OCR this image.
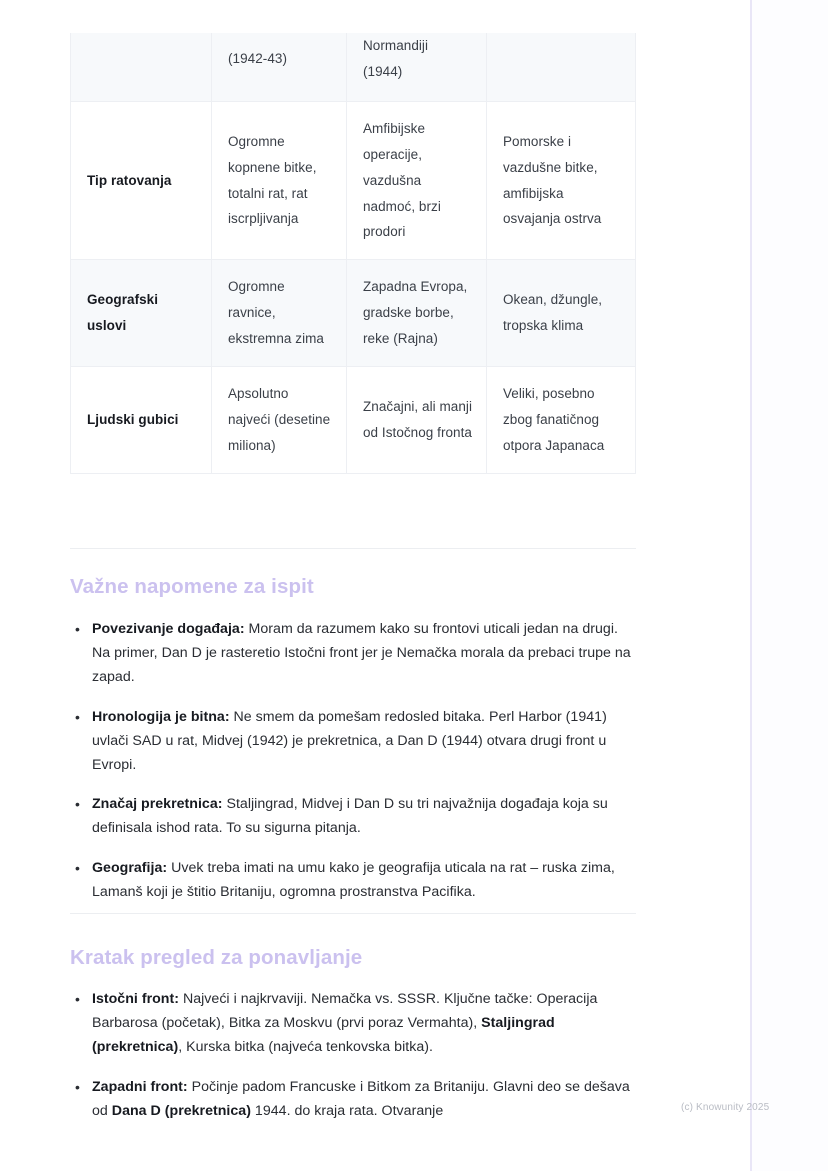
	(1942-43)	Normandiji
(1944)	
Tip ratovanja	Ogromne kopnene bitke, totalni rat, rat iscrpljivanja	Amfibijske operacije, vazdušna nadmoć, brzi prodori	Pomorske i vazdušne bitke, amfibijska osvajanja ostrva
Geografski uslovi	Ogromne ravnice, ekstremna zima	Zapadna Evropa, gradske borbe, reke (Rajna)	Okean, džungle, tropska klima
Ljudski gubici	Apsolutno najveći (desetine miliona)	Značajni, ali manji od Istočnog fronta	Veliki, posebno zbog fanatičnog otpora Japanaca
Važne napomene za ispit
• Povezivanje događaja: Moram da razumem kako su frontovi uticali jedan na drugi. Na primer, Dan D je rasteretio Istočni front jer je Nemačka morala da prebaci trupe na zapad.
• Hronologija je bitna: Ne smem da pomešam redosled bitaka. Perl Harbor (1941) uvlači SAD u rat, Midvej (1942) je prekretnica, a Dan D (1944) otvara drugi front u Evropi.
• Značaj prekretnica: Staljingrad, Midvej i Dan D su tri najvažnija događaja koja su definisala ishod rata. To su sigurna pitanja.
• Geografija: Uvek treba imati na umu kako je geografija uticala na rat – ruska zima, Lamanš koji je štitio Britaniju, ogromna prostranstva Pacifika.
Kratak pregled za ponavljanje
• Istočni front: Najveći i najkrvaviji. Nemačka vs. SSSR. Ključne tačke: Operacija Barbarosa (početak), Bitka za Moskvu (prvi poraz Vermahta), Staljingrad (prekretnica), Kurska bitka (najveća tenkovska bitka).
• Zapadni front: Počinje padom Francuske i Bitkom za Britaniju. Glavni deo se dešava od Dana D (prekretnica) 1944. do kraja rata. Otvaranje	(c) Knowunity 2025
